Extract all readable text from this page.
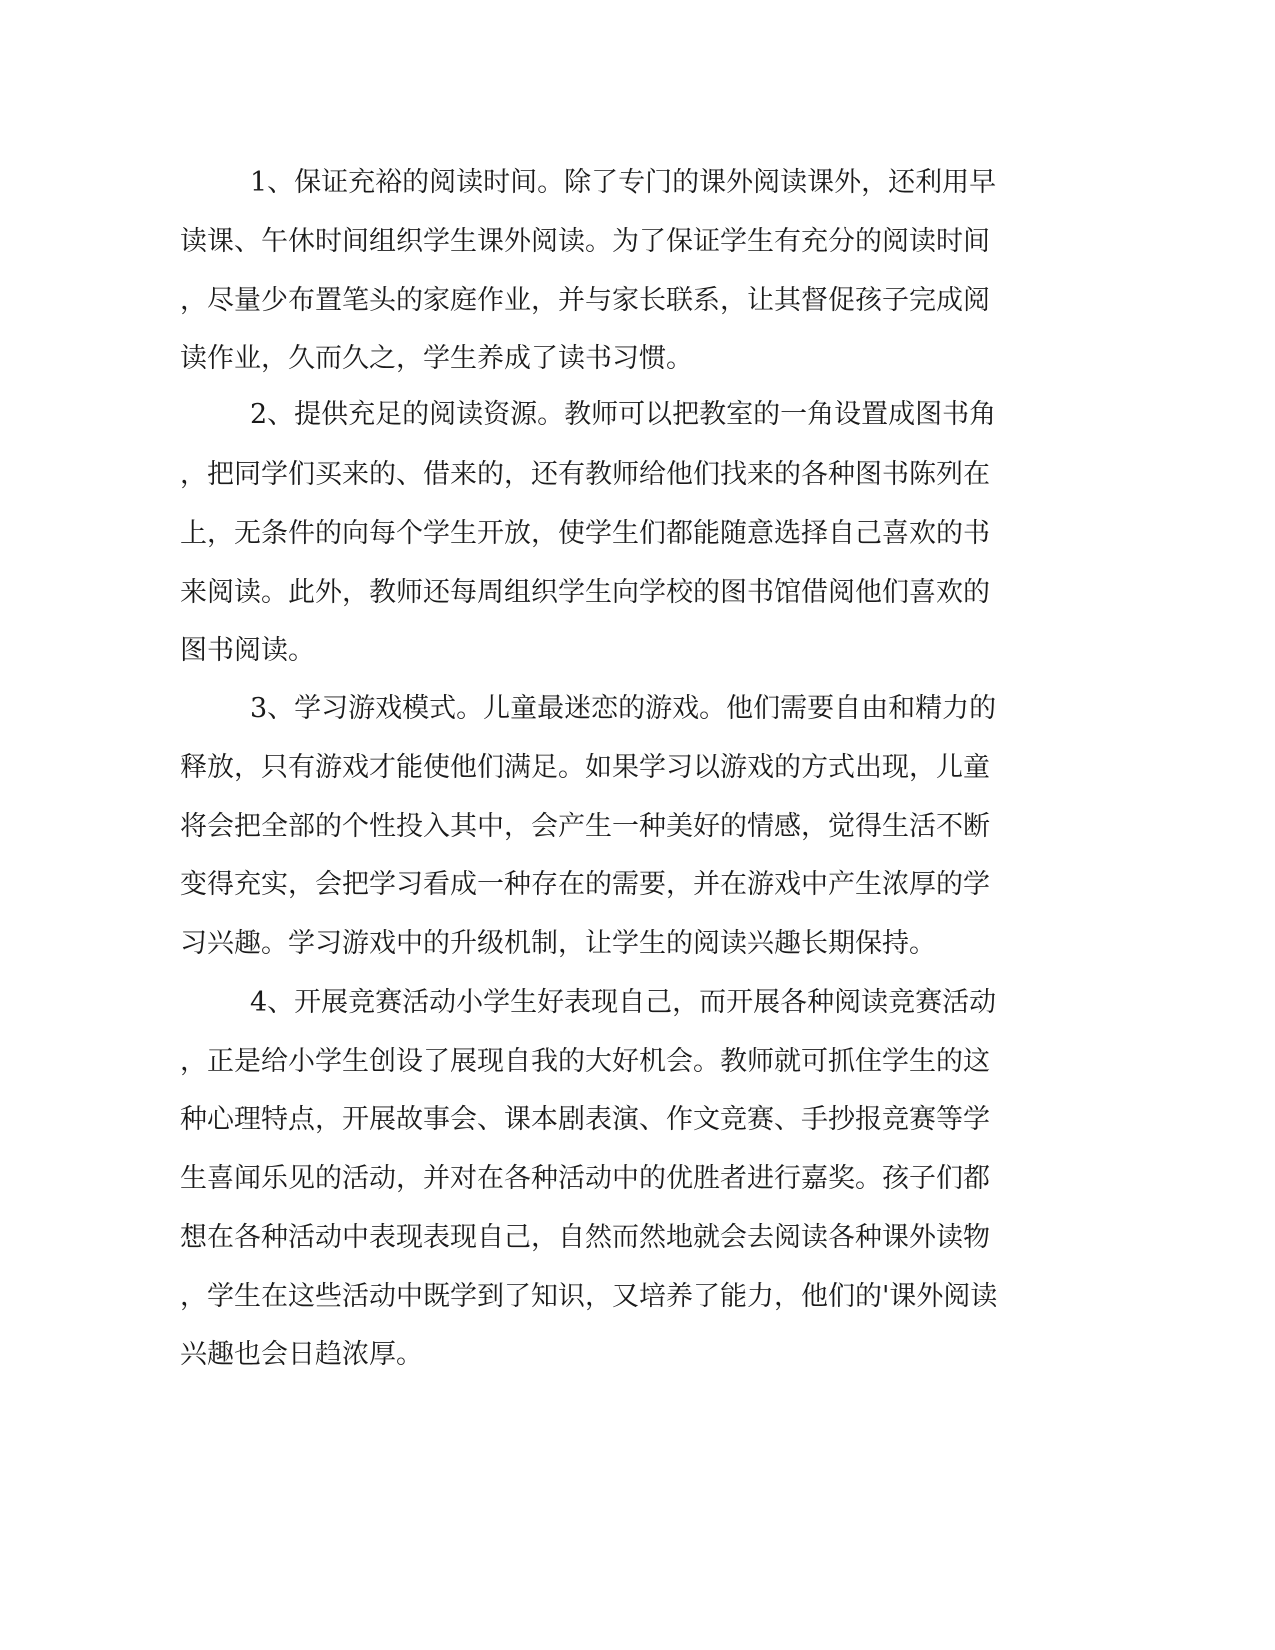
1、保证充裕的阅读时间。除了专门的课外阅读课外，还利用早
读课、午休时间组织学生课外阅读。为了保证学生有充分的阅读时间
，尽量少布置笔头的家庭作业，并与家长联系，让其督促孩子完成阅
读作业，久而久之，学生养成了读书习惯。
2、提供充足的阅读资源。教师可以把教室的一角设置成图书角
，把同学们买来的、借来的，还有教师给他们找来的各种图书陈列在
上，无条件的向每个学生开放，使学生们都能随意选择自己喜欢的书
来阅读。此外，教师还每周组织学生向学校的图书馆借阅他们喜欢的
图书阅读。
3、学习游戏模式。儿童最迷恋的游戏。他们需要自由和精力的
释放，只有游戏才能使他们满足。如果学习以游戏的方式出现，儿童
将会把全部的个性投入其中，会产生一种美好的情感，觉得生活不断
变得充实，会把学习看成一种存在的需要，并在游戏中产生浓厚的学
习兴趣。学习游戏中的升级机制，让学生的阅读兴趣长期保持。
4、开展竞赛活动小学生好表现自己，而开展各种阅读竞赛活动
，正是给小学生创设了展现自我的大好机会。教师就可抓住学生的这
种心理特点，开展故事会、课本剧表演、作文竞赛、手抄报竞赛等学
生喜闻乐见的活动，并对在各种活动中的优胜者进行嘉奖。孩子们都
想在各种活动中表现表现自己，自然而然地就会去阅读各种课外读物
，学生在这些活动中既学到了知识，又培养了能力，他们的'课外阅读
兴趣也会日趋浓厚。
